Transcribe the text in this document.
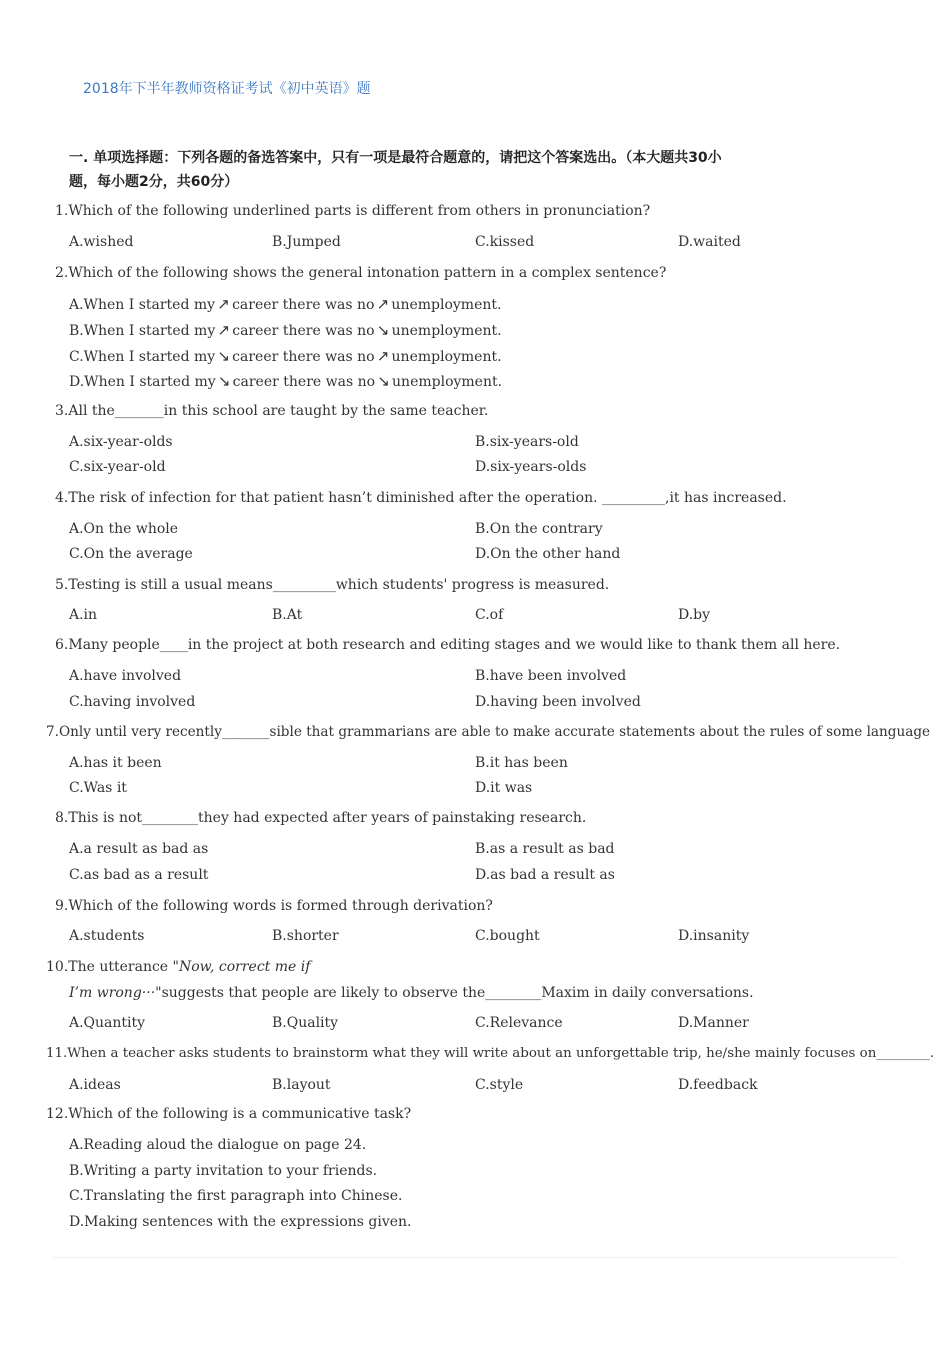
2018年下半年教师资格证考试《初中英语》题
一. 单项选择题：下列各题的备选答案中，只有一项是最符合题意的，请把这个答案选出。（本大题共30小
题，每小题2分，共60分）
1.Which of the following underlined parts is different from others in pronunciation?
A.wished	B.Jumped	C.kissed	D.waited
2.Which of the following shows the general intonation pattern in a complex sentence?
A.When I started my ↗ career there was no ↗ unemployment.
B.When I started my ↗ career there was no ↘ unemployment.
C.When I started my ↘ career there was no ↗ unemployment.
D.When I started my ↘ career there was no ↘ unemployment.
3.All the_______in this school are taught by the same teacher.
A.six-year-olds	B.six-years-old
C.six-year-old	D.six-years-olds
4.The risk of infection for that patient hasn’t diminished after the operation. _________,it has increased.
A.On the whole	B.On the contrary
C.On the average	D.On the other hand
5.Testing is still a usual means_________which students' progress is measured.
A.in	B.At	C.of	D.by
6.Many people____in the project at both research and editing stages and we would like to thank them all here.
A.have involved	B.have been involved
C.having involved	D.having been involved
7.Only until very recently_______sible that grammarians are able to make accurate statements about the rules of some language
A.has it been	B.it has been
C.Was it	D.it was
8.This is not________they had expected after years of painstaking research.
A.a result as bad as	B.as a result as bad
C.as bad as a result	D.as bad a result as
9.Which of the following words is formed through derivation?
A.students	B.shorter	C.bought	D.insanity
10.The utterance "Now, correct me if
I’m wrong···"suggests that people are likely to observe the________Maxim in daily conversations.
A.Quantity	B.Quality	C.Relevance	D.Manner
11.When a teacher asks students to brainstorm what they will write about an unforgettable trip, he/she mainly focuses on________.
A.ideas	B.layout	C.style	D.feedback
12.Which of the following is a communicative task?
A.Reading aloud the dialogue on page 24.
B.Writing a party invitation to your friends.
C.Translating the first paragraph into Chinese.
D.Making sentences with the expressions given.
